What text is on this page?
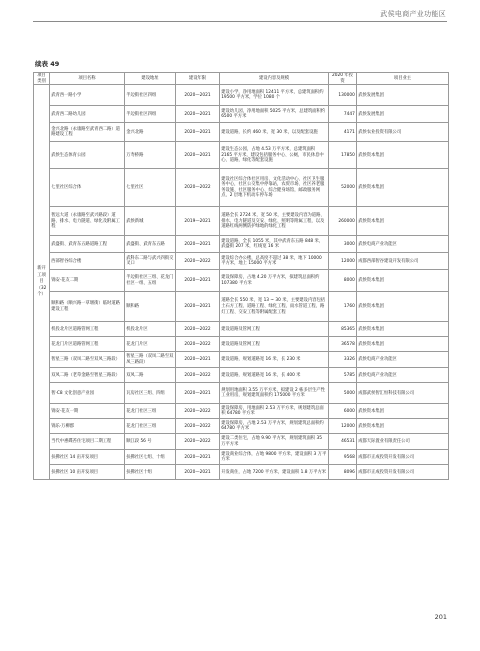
武侯电商产业功能区
续表 49
项目类别	项目名称	建设地址	建设年限	建设内容及规模	2020 年投资	项目业主
新开工项目（32 个）	武青西一路小学	半边街社区四组	2020—2021	建设小学，净用地面积 12411 平方米，总建筑面积约 19500 平方米，学位 1080 个	130000	武侯发展集团
	武青西二路幼儿园	半边街社区四组	2020—2021	建设幼儿园，净用地面积 5025 平方米，总建筑面积约 6500 平方米	7447	武侯发展集团
	金兴北路（永康路至武青西二路）道路建设工程	金兴北路	2020—2021	建设道路，长约 460 米，宽 30 米，以及配套设施	4171	武侯农业投资有限公司
	武侯生态体育公园	万寿桥路	2020—2021	建设生态公园，占地 4.53 万平方米，总建筑面积 2165 平方米，建设包括服务中心、公厕，市民休息中心、道路，绿化等配套设施	17850	武侯资本集团
	七里社区综合体	七里社区	2020—2022	建设社区综合体社区用房、文化活动中心、社区卫生服务中心，社区公交集中停靠站，农贸市场、社区养老服务设施、社区服务中心、综合健身场馆，邮政服务网点、2 层地下机动车停车场	52000	武侯资本集团
	智远大道（永康路至武兴路段）道路、排水、电力隧道、绿化及附属工程	武侯新城	2019—2021	道路全长 2724 米，宽 50 米，主要建设内容为道路、排水、电力隧道及交安、绿化、照明等附属工程，以及道路红线两侧防护绿地的绿化工程	260000	武侯资本集团
	武盛街、武青东五路道路工程	武盛街、武青东五路	2020—2021	建设道路，全长 1055 米，其中武青东五路 848 米，武盛街 207 米，红线宽 16 米	3000	武侯电商产业功能区
	西部智谷综合楼	武科东二路与武兴四街交叉口	2020—2022	建设综合办公楼，总高度不超过 38 米，地下 10000 平方米，地上 15000 平方米	12000	成都西部智谷建设开发有限公司
	锦安·花友二期	半边街社区三组、花龙门社区一组、五组	2020—2021	建设保障房，占地 4.20 万平方米，拟建筑总面积约 107380 平方米	8000	武侯资本集团
	顺和路（顺兴路一草堰街）临时道路建设工程	顺和路	2020—2021	道路全长 550 米，宽 13 ~ 30 米，主要建设内容包括土石方工程、道路工程、绿化工程、雨水管道工程、路灯工程、交安工程等附属配套工程	1760	武侯资本集团
	机投北片区道路管网工程	机投北片区	2020—2022	建设道路及管网工程	85365	武侯资本集团
	花龙门片区道路管网工程	花龙门片区	2020—2022	建设道路及管网工程	36578	武侯资本集团
	智星三路（双凤二路至双凤三路段）	智星三路（双凤二路至双凤三路段）	2020—2021	建设道路，规划道路宽 16 米，长 230 米	3326	武侯电商产业功能区
	双凤二路（老草金路至智星三路段）	双凤二路	2020—2022	建设道路，规划道路宽 16 米，长 400 米	5785	武侯电商产业功能区
	智·C8 文化创意产业园	瓦房社区三组、四组	2020—2021	规划用地面积 3.55 万平方米，拟建设 2 栋多层生产性工业用房，规划建筑面积约 175000 平方米	5000	成都武侯智汇恒科技有限公司
	锦安·花友一期	花龙门社区三组	2020—2022	建设保障房，用地面积 2.53 万平方米，规划建筑总面积 64780 平方米	6000	武侯资本集团
	锦乐·万柳郡	花龙门社区三组	2020—2022	建设保障房，占地 2.53 万平方米，规划建筑总面积约 64780 平方米	12000	武侯资本集团
	当代中惠碟苔住宅项目二期工程	顺江段 56 号	2020—2022	建设二类住宅，占地 9.90 平方米，规划建筑面积 35 万平方米	46531	成都天际置业有限责任公司
	扶佛社区 14 亩开发项目	扶佛社区七组、十组	2020—2021	建设商业综合体，占地 9800 平方米，建设面积 3 万平方米	9568	成都市正成投资开发有限公司
	扶佛社区 10 亩开发项目	扶佛社区十组	2020—2021	开发商住，占地 7200 平方米，建设面积 1.8 万平方米	8096	成都市正成投资开发有限公司
201
